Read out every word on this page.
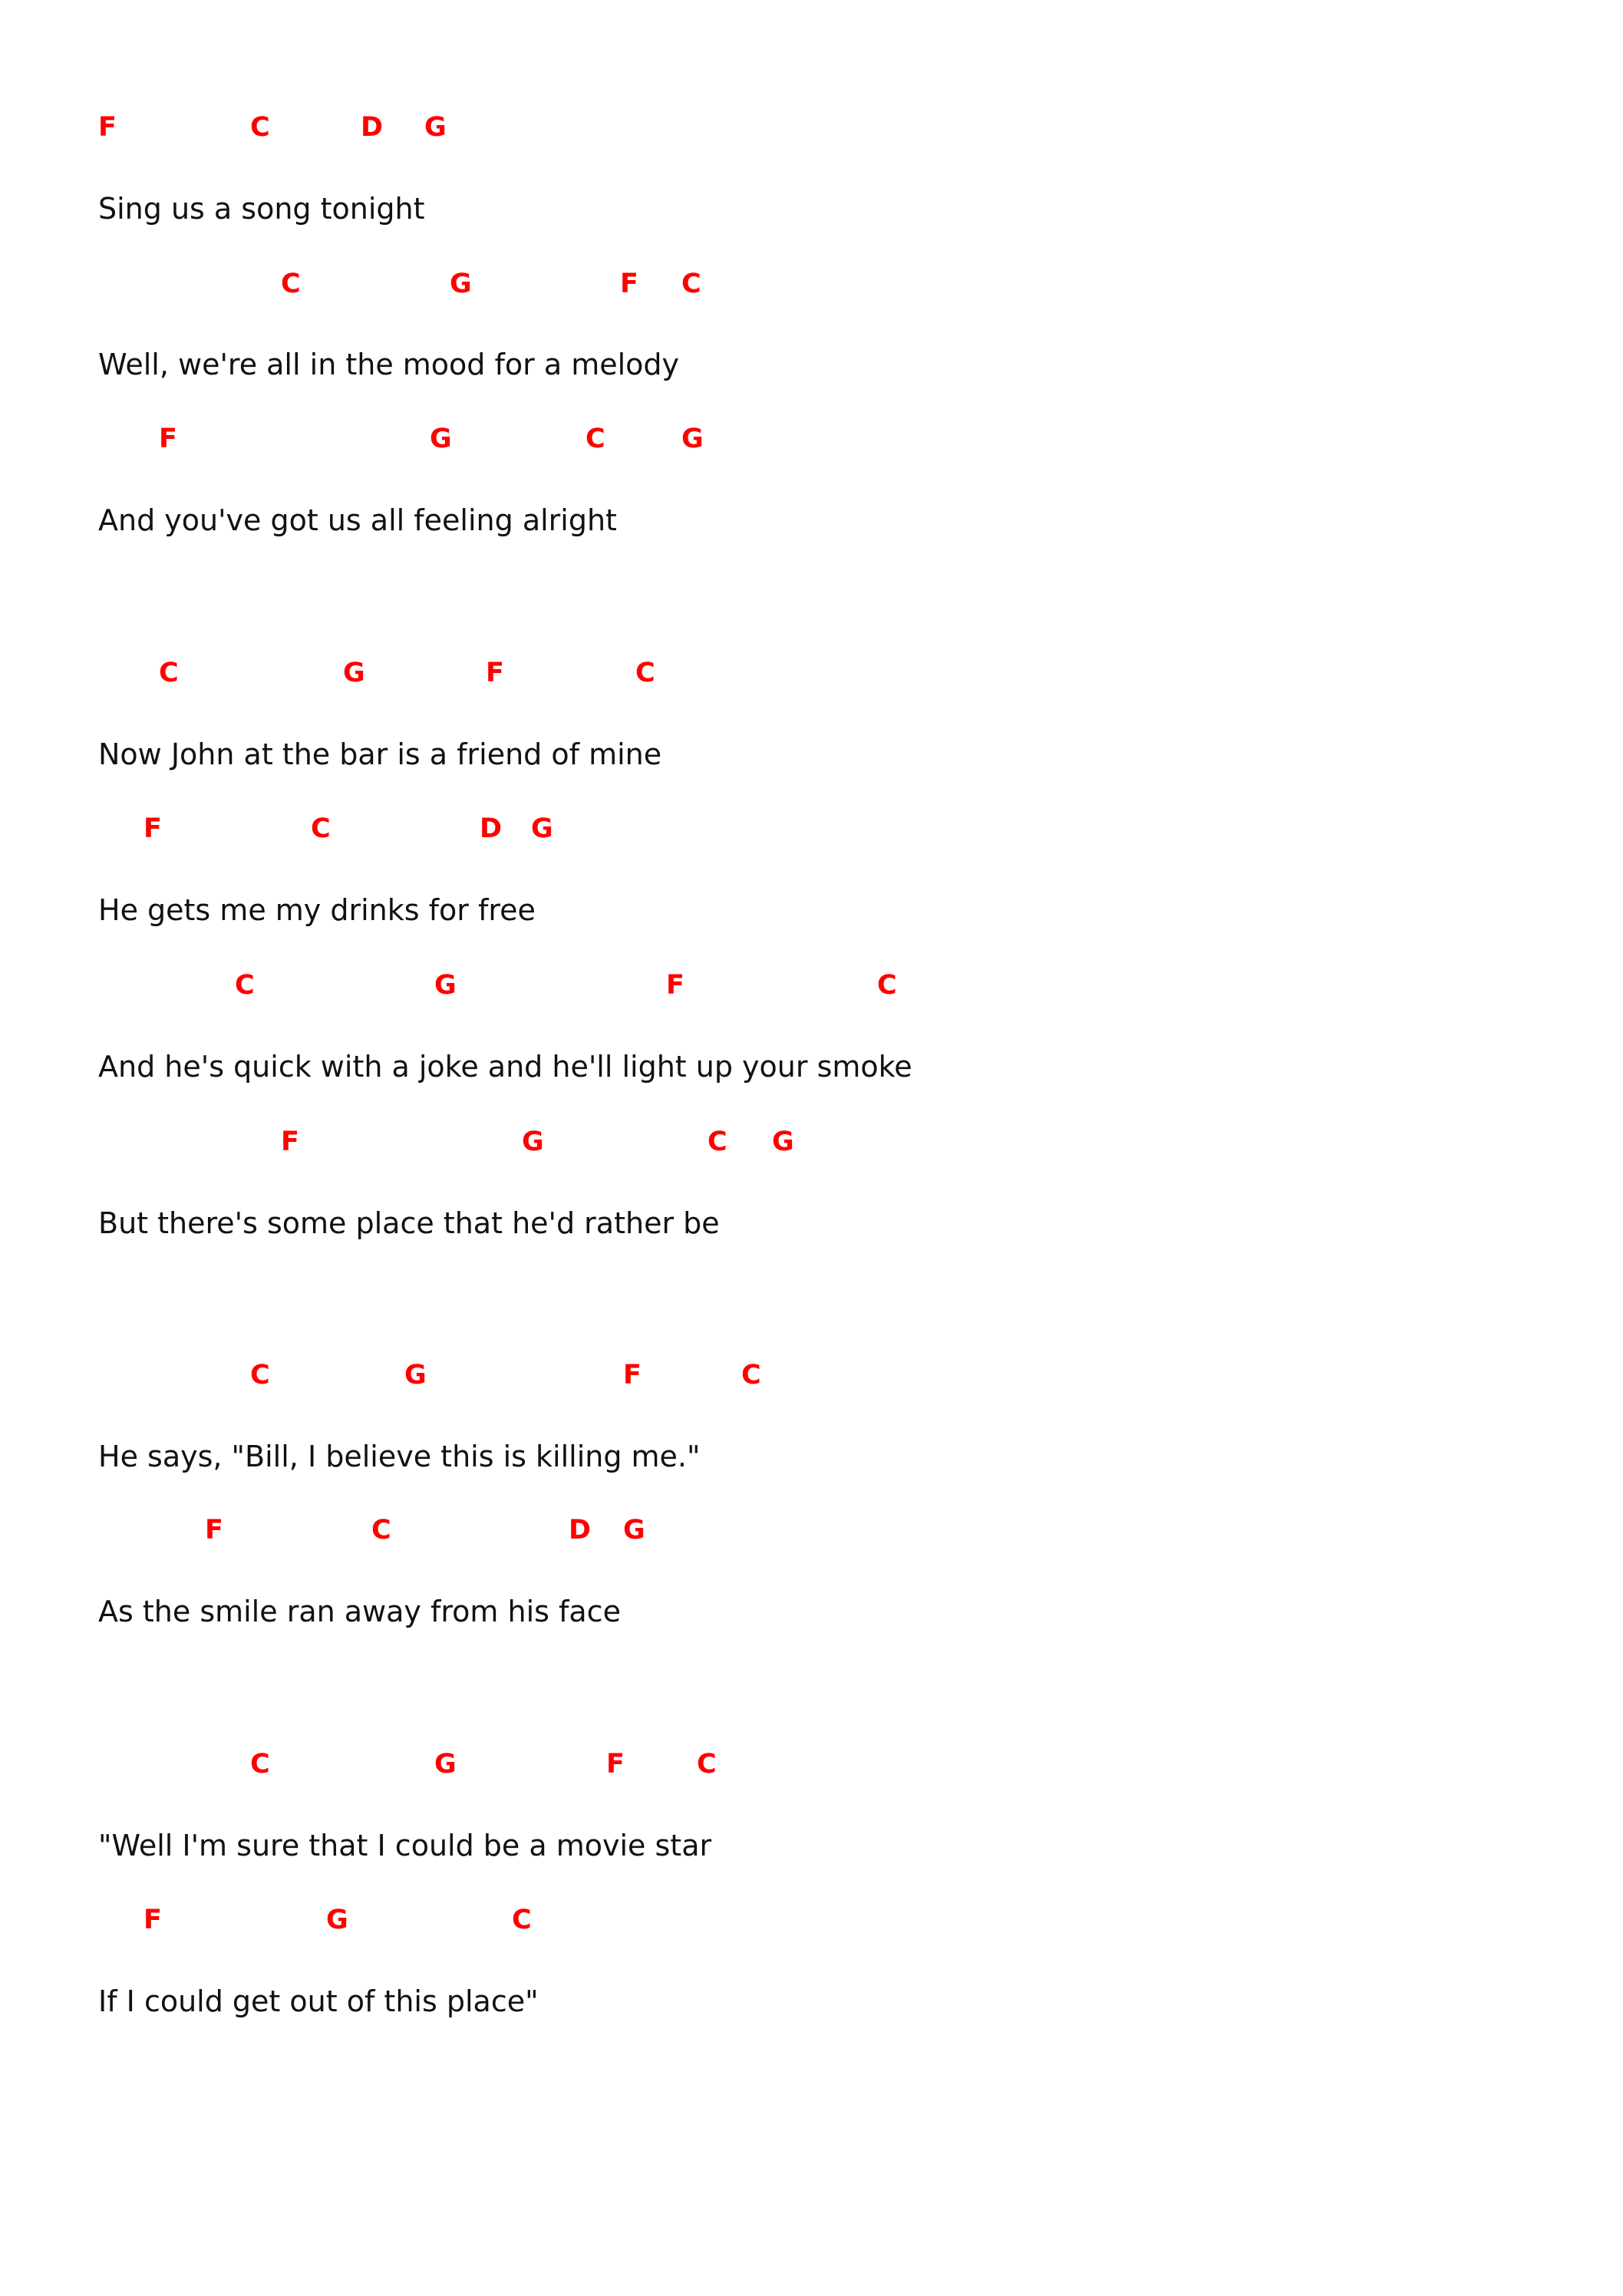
F	C	D G
Sing us a song tonight
C	G	F C
Well, we're all in the mood for a melody
F	G	C	G
And you've got us all feeling alright
C	G	F	C
Now John at the bar is a friend of mine
F	C	D G
He gets me my drinks for free
C	G	F	C
And he's quick with a joke and he'll light up your smoke
F	G	C G
But there's some place that he'd rather be
C	G	F	C
He says, "Bill, I believe this is killing me."
F	C	D G
As the smile ran away from his face
C	G	F	C
"Well I'm sure that I could be a movie star
F	G	C
If I could get out of this place"
